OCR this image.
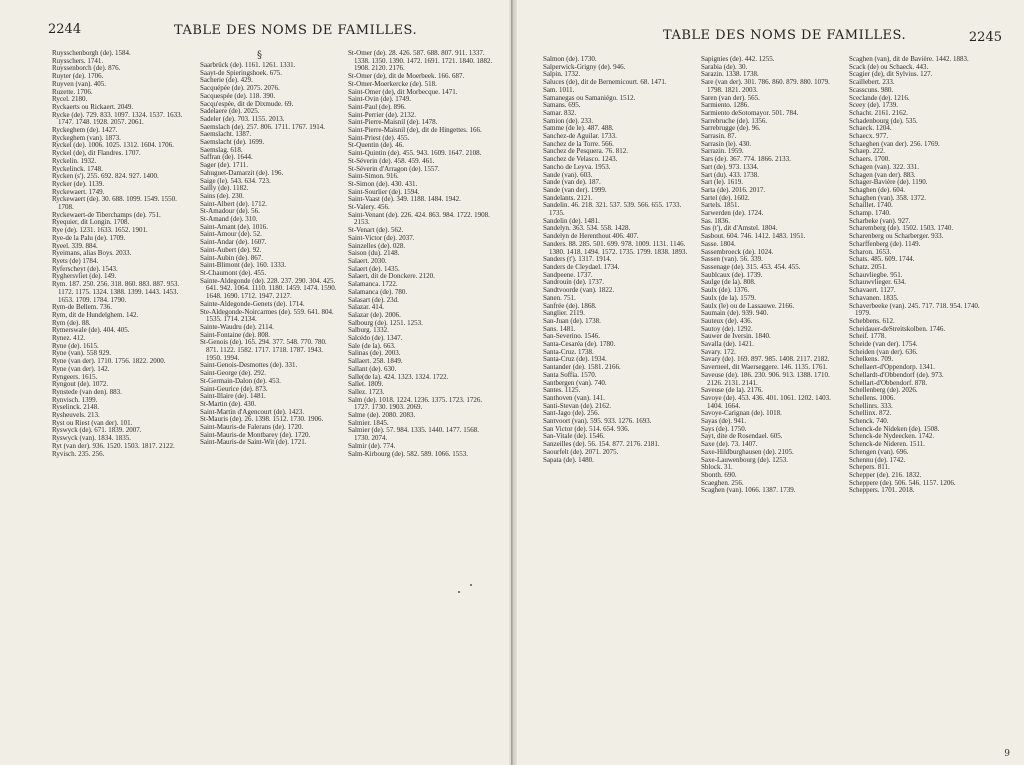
2244	TABLE DES NOMS DE FAMILLES.
§

Ruysschenborgh (de). 1584.

Ruysschers. 1741.

Ruyssenborch (de). 876.

Ruyter (de). 1706.

Ruyven (van). 405.

Ruzette. 1706.

Rycel. 2180.

Ryckaerts ou Rickaert. 2049.

Rycke (de). 729. 833. 1097. 1324. 1537. 1633. 1747. 1748. 1928. 2057. 2061.

Ryckeghem (de). 1427.

Ryckeghem (van). 1873.

Ryckel (de). 1006. 1025. 1312. 1604. 1706.

Ryckel (de), dit Flandres. 1707.

Ryckelin. 1932.

Ryckelinck. 1748.

Rycken (s'). 255. 692. 824. 927. 1400.

Rycker (de). 1139.

Ryckewaert. 1749.

Ryckewaert (de). 30. 688. 1099. 1549. 1550. 1708.

Ryckewaert-de Tiberchamps (de). 751.

Ryequier, dit Longin. 1708.

Rye (de). 1231. 1633. 1652. 1901.

Rye-de la Palu (de). 1709.

Ryeel. 339. 884.

Ryeimans, alias Boys. 2033.

Ryets (de) 1784.

Ryferscheyt (de). 1543.

Ryghersvliet (de). 149.

Rym. 187. 250. 256. 318. 860. 883. 887. 953. 1172. 1175. 1324. 1388. 1399. 1443. 1453. 1653. 1709. 1784. 1790.

Rym-de Bellem. 736.

Rym, dit de Hundelghem. 142.

Rym (de). 88.

Rymerswale (de). 404. 405.

Rynez. 412.

Ryne (de). 1615.

Ryne (van). 558 929.

Ryne (van der). 1710. 1756. 1822. 2000.

Ryne (van der). 142.

Ryngeers. 1615.

Ryngout (de). 1072.

Rynstede (van den). 883.

Rynvisch. 1399.

Ryselinck. 2148.

Rysheuvels. 213.

Ryst ou Riest (van der). 101.

Ryswyck (de). 671. 1839. 2007.

Ryswyck (van). 1834. 1835.

Ryt (van der). 936. 1520. 1503. 1817. 2122.

Ryvisch. 235. 256.

Saarbrück (de). 1161. 1261. 1331.

Saayt-de Spieringshoek. 675.

Sacherie (de). 429.

Sacquépée (de). 2075. 2076.

Sacquespée (de). 118. 390.

Sacqu'espée, dit de Dixmude. 69.

Sadelaere (de). 2025.

Sadeler (de). 703. 1155. 2013.

Saemslach (de). 257. 806. 1711. 1767. 1914.

Saemslacht. 1387.

Saemslacht (de). 1699.

Saemslag. 618.

Saffran (de). 1644.

Sager (de). 1711.

Sahuguet-Damarzit (de). 196.

Saige (le). 543. 634. 723.

Sailly (de). 1182.

Sains (de). 230.

Saint-Albert (de). 1712.

St-Amadour (de). 56.

St-Amand (de). 310.

Saint-Amant (de). 1016.

Saint-Amour (de). 52.

Saint-Andar (de). 1607.

Saint-Aubert (de). 92.

Saint-Aubin (de). 867.

Saint-Blimont (de). 160. 1333.

St-Chaumont (de). 455.

Sainte-Aldegonde (de). 228. 237. 290. 304. 425. 641. 942. 1064. 1110. 1180. 1459. 1474. 1590. 1648. 1690. 1712. 1947. 2127.

Sainte-Aldegonde-Genets (de). 1714.

Ste-Aldegonde-Noircarmes (de). 559. 641. 804. 1535. 1714. 2134.

Sainte-Waudru (de). 2114.

Saint-Fontaine (de). 808.

St-Genois (de). 165. 294. 377. 548. 770. 780. 871. 1122. 1582. 1717. 1718. 1787. 1943. 1950. 1994.

Saint-Genois-Desmottes (de). 331.

Saint-George (de). 292.

St-Germain-Dalon (de). 453.

Saint-Geurice (de). 873.

Saint-Illaire (de). 1481.

St-Martin (de). 430.

Saint-Martin d'Agencourt (de). 1423.

St-Mauris (de). 26. 1398. 1512. 1730. 1906.

Saint-Mauris-de Falerans (de). 1720.

Saint-Mauris-de Montbarey (de). 1720.

Saint-Mauris-de Saint-Wit (de). 1721.

St-Omer (de). 28. 426. 587. 688. 807. 911. 1337. 1338. 1350. 1390. 1472. 1691. 1721. 1840. 1882. 1908. 2120. 2176.

St-Omer (de), dit de Moerbeek. 166. 687.

St-Omer-Moerkercke (de). 518.

Saint-Omer (de), dit Morbecque. 1471.

Saint-Ovin (de). 1749.

Saint-Paul (de). 896.

Saint-Perrier (de). 2132.

Saint-Pierre-Maisnil (de). 1478.

Saint-Pierre-Maisnil (de), dit de Hingettes. 166.

Saint-Priest (de). 455.

St-Quentin (de). 46.

Saint-Quintin (de). 455. 943. 1609. 1647. 2108.

St-Séverin (de). 458. 459. 461.

St-Séverin d'Arragon (de). 1557.

Saint-Simon. 916.

St-Simon (de). 430. 431.

Saint-Sourlier (de). 1594.

Saint-Vaast (de). 349. 1188. 1484. 1942.

St-Valery. 456.

Saint-Venant (de). 226. 424. 863. 984. 1722. 1908. 2153.

St-Venart (de). 562.

Saint-Victor (de). 2037.

Sainzelles (de). 028.

Saison (du). 2148.

Salaert. 2030.

Salaert (de). 1435.

Salaert, dit de Donckere. 2120.

Salamanca. 1722.

Salamanca (de). 780.

Salasart (de). 23d.

Salazar. 414.

Salazar (de). 2006.

Salbourg (de). 1251. 1253.

Salburg. 1332.

Salcédo (de). 1347.

Sale (de la). 663.

Salinas (de). 2003.

Sallaert. 258. 1849.

Sallant (de). 630.

Salle(de la). 424. 1323. 1324. 1722.

Sallet. 1809.

Sallez. 1723.

Salm (de). 1018. 1224. 1236. 1375. 1723. 1726. 1727. 1730. 1903. 2069.

Salme (de). 2080. 2083.

Salmier. 1845.

Salmier (de). 57. 984. 1335. 1440. 1477. 1568. 1730. 2074.

Salmir (de). 774.

Salm-Kirbourg (de). 582. 589. 1066. 1553.

2245
TABLE DES NOMS DE FAMILLES.

Salmon (de). 1730.

Salperwick-Grigny (de). 946.

Salpin. 1732.

Saluces (de), dit de Bernemicourt. 68. 1471.

Sam. 1011.

Samanegas ou Samaniégo. 1512.

Samans. 695.

Samar. 832.

Samion (de). 233.

Samme (de le). 487. 488.

Sanchez-de Aguilar. 1733.

Sanchez de la Torre. 566.

Sanchez de Pesquera. 76. 812.

Sanchez de Velasco. 1243.

Sancho de Leyva. 1953.

Sande (van). 603.

Sande (van de). 187.

Sande (van der). 1999.

Sandelants. 2121.

Sandelin. 46. 218. 321. 537. 539. 566. 655. 1733. 1735.

Sandelin (de). 1481.

Sandelyn. 363. 534. 558. 1428.

Sandelyn de Herenthout 406. 407.

Sanders. 88. 285. 501. 699. 978. 1009. 1131. 1146. 1380. 1418. 1494. 1572. 1735. 1799. 1838. 1893.

Sanders (t'). 1317. 1914.

Sanders de Cleydael. 1734.

Sandpeene. 1737.

Sandrouin (de). 1737.

Sandtvoorde (van). 1822.

Sanen. 751.

Sanfrée (de). 1868.

Sanglier. 2119.

San-Juan (de). 1738.

Sans. 1481.

San-Severino. 1546.

Santa-Cesaréa (de). 1780.

Santa-Cruz. 1738.

Santa-Cruz (de). 1934.

Santander (de). 1581. 2166.

Santa Soffia. 1570.

Santbergen (van). 740.

Santes. 1125.

Santhoven (van). 141.

Santi-Stevan (de). 2162.

Sant-Jago (de). 256.

Santvoort (van). 595. 933. 1276. 1693.

San Victor (de). 514. 654. 936.

San-Vitale (de). 1546.

Sanzeilles (de). 56. 154. 877. 2176. 2181.

Saourfelt (de). 2071. 2075.

Sapata (de). 1480.

Sapignies (de). 442. 1255.

Sarabia (de). 30.

Sarazin. 1338. 1738.

Sare (van der). 301. 786. 860. 879. 880. 1079. 1798. 1821. 2003.

Saren (van der). 565.

Sarmiento. 1286.

Sarmiento deSotomayor. 501. 784.

Sarrebruche (de). 1356.

Sarrebrugge (de). 96.

Sarrasin. 87.

Sarrasin (le). 430.

Sarrazin. 1959.

Sars (de). 367. 774. 1866. 2133.

Sart (de). 973. 1334.

Sart (du). 433. 1738.

Sart (le). 1619.

Sarta (de). 2016. 2017.

Sartel (de). 1602.

Sartels. 1851.

Sarwerden (de). 1724.

Sas. 1836.

Sas (t'), dit d'Amstel. 1804.

Sasbout. 604. 746. 1412. 1483. 1951.

Sasse. 1804.

Sassembroeck (de). 1024.

Sassen (van). 56. 339.

Sassenage (de). 315. 453. 454. 455.

Saublcaux (de). 1739.

Saulge (de la). 808.

Saulx (de). 1376.

Saulx (de la). 1579.

Saulx (le) ou de Lassauwe. 2166.

Saumain (de). 939. 940.

Sauteux (de). 436.

Sautoy (de). 1292.

Sauwer de Iversin. 1840.

Savalla (de). 1421.

Savary. 172.

Savary (de). 169. 897. 985. 1408. 2117. 2182.

Saverneel, dit Waerseggere. 146. 1135. 1761.

Saveuse (de). 186. 230. 906. 913. 1388. 1710. 2126. 2131. 2141.

Saveuse (de la). 2176.

Savoye (de). 453. 436. 401. 1061. 1202. 1403. 1404. 1664.

Savoye-Carignan (de). 1018.

Sayas (de). 941.

Says (de). 1750.

Sayt, dite de Rosendael. 605.

Saxe (de). 73. 1407.

Saxe-Hildburghausen (de). 2105.

Saxe-Lauwenbourg (de). 1253.

Sblock. 31.

Sbonth. 690.

Scaeghen. 256.

Scaghen (van). 1066. 1387. 1739.

Scaghen (van), dit de Bavière. 1442. 1883.

Scack (de) ou Schaeck. 443.

Scagier (de), dit Sylvius. 127.

Scaillebert. 233.

Scasscuns. 980.

Sceclande (de). 1216.

Sceey (de). 1739.

Schacht. 2161. 2162.

Schadenbourg (de). 535.

Schaeck. 1204.

Schaecx. 977.

Schaeghen (van der). 256. 1769.

Schaep. 222.

Schaers. 1700.

Schagen (van). 322. 331.

Schagen (van der). 883.

Schager-Bavière (de). 1190.

Schaghen (de). 604.

Schaghen (van). 358. 1372.

Schaillet. 1740.

Schamp. 1740.

Scharbeke (van). 927.

Scharemberg (de). 1502. 1503. 1740.

Scharenberg ou Scharberger. 933.

Scharffenberg (de). 1149.

Scharon. 1653.

Schats. 485. 609. 1744.

Schatz. 2051.

Schauvliegbe. 951.

Schauwvlieger. 634.

Schavaert. 1127.

Schavanen. 1835.

Schaverbeeke (van). 245. 717. 718. 954. 1740. 1979.

Schebbens. 612.

Scheidauer-deStreitskolben. 1746.

Scheif. 1778.

Scheide (van der). 1754.

Scheiden (van der). 636.

Schelkens. 709.

Schellaert-d'Oppendorp. 1341.

Schellardt-d'Obbendorf (de). 973.

Schellart-d'Obbendorf. 878.

Schellenberg (de). 2026.

Schellens. 1006.

Schellinrs. 333.

Schellinx. 872.

Schenck. 740.

Schenck-de Nideken (de). 1508.

Schenck-de Nydeecken. 1742.

Schenck-de Nideren. 1511.

Schengen (van). 696.

Schennu (de). 1742.

Schepers. 811.

Schepper (de). 216. 1832.

Scheppere (de). 506. 546. 1157. 1206.

Scheppers. 1701. 2018.

9
